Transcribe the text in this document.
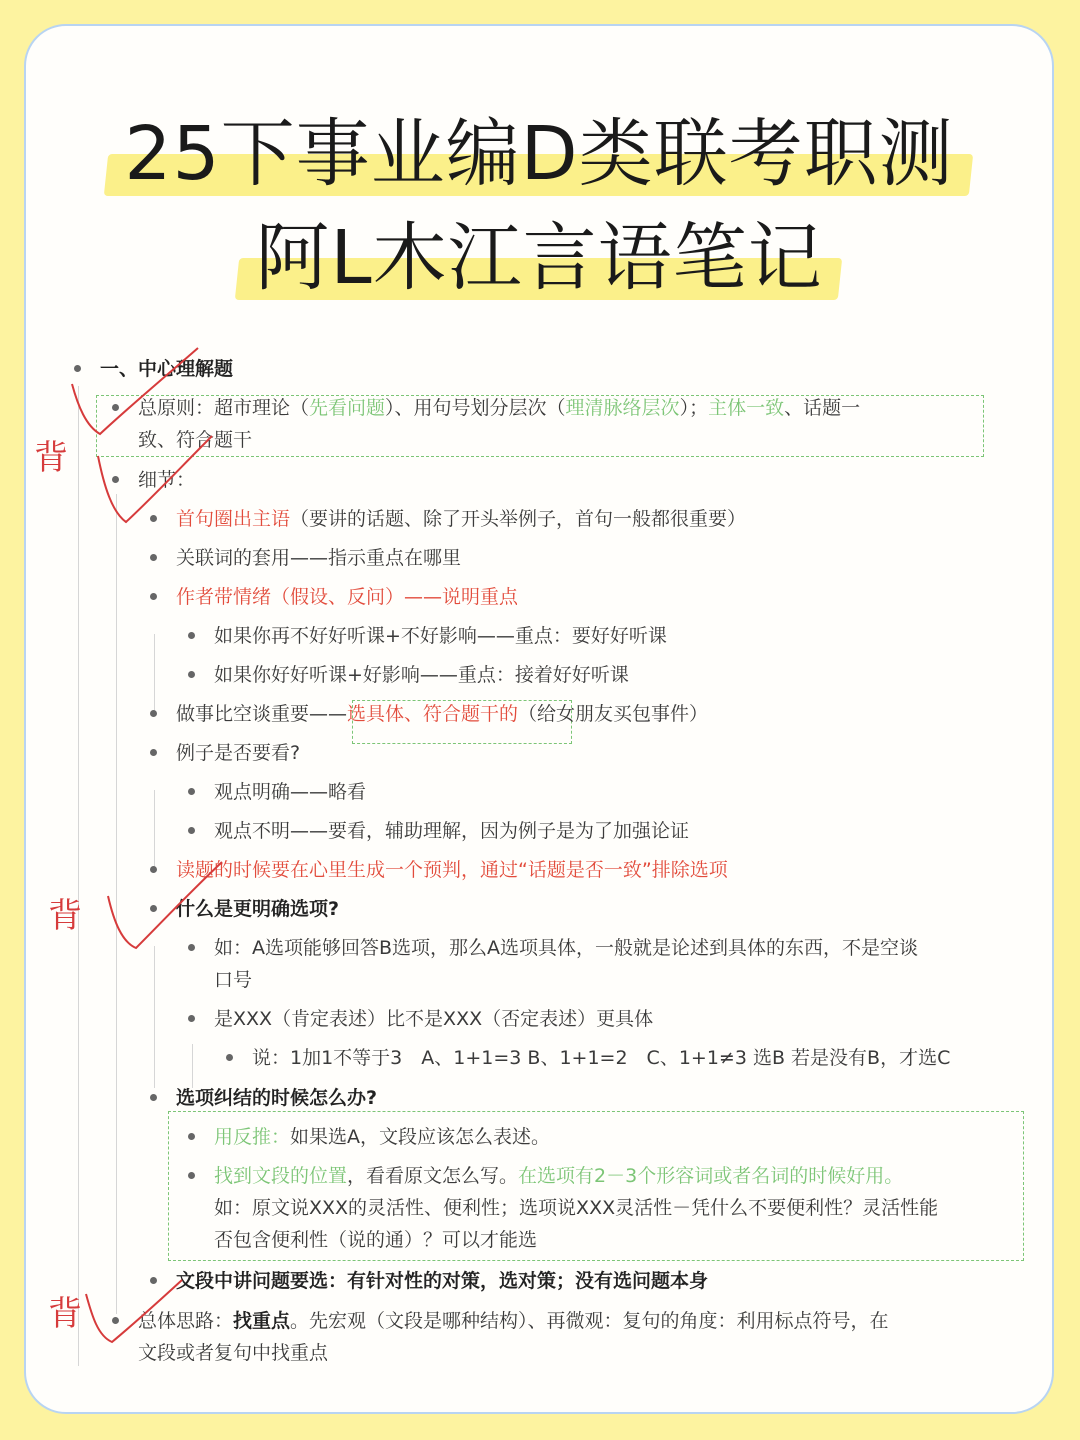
25下事业编D类联考职测

阿L木江言语笔记
一、中心理解题
总原则：超市理论（先看问题）、用句号划分层次（理清脉络层次）；主体一致、话题一
致、符合题干
细节：
首句圈出主语（要讲的话题、除了开头举例子，首句一般都很重要）
关联词的套用——指示重点在哪里
作者带情绪（假设、反问）——说明重点
如果你再不好好听课+不好影响——重点：要好好听课
如果你好好听课+好影响——重点：接着好好听课
做事比空谈重要——选具体、符合题干的（给女朋友买包事件）
例子是否要看?
观点明确——略看
观点不明——要看，辅助理解，因为例子是为了加强论证
读题的时候要在心里生成一个预判，通过“话题是否一致”排除选项
什么是更明确选项?
如：A选项能够回答B选项，那么A选项具体，一般就是论述到具体的东西，不是空谈
口号
是XXX（肯定表述）比不是XXX（否定表述）更具体
说：1加1不等于3　A、1+1=3 B、1+1=2　C、1+1≠3 选B 若是没有B，才选C
选项纠结的时候怎么办?
用反推：如果选A，文段应该怎么表述。
找到文段的位置，看看原文怎么写。在选项有2－3个形容词或者名词的时候好用。
如：原文说XXX的灵活性、便利性；选项说XXX灵活性－凭什么不要便利性？灵活性能
否包含便利性（说的通）？可以才能选
文段中讲问题要选：有针对性的对策，选对策；没有选问题本身
总体思路：找重点。先宏观（文段是哪种结构）、再微观：复句的角度：利用标点符号，在
文段或者复句中找重点
背
背
背
